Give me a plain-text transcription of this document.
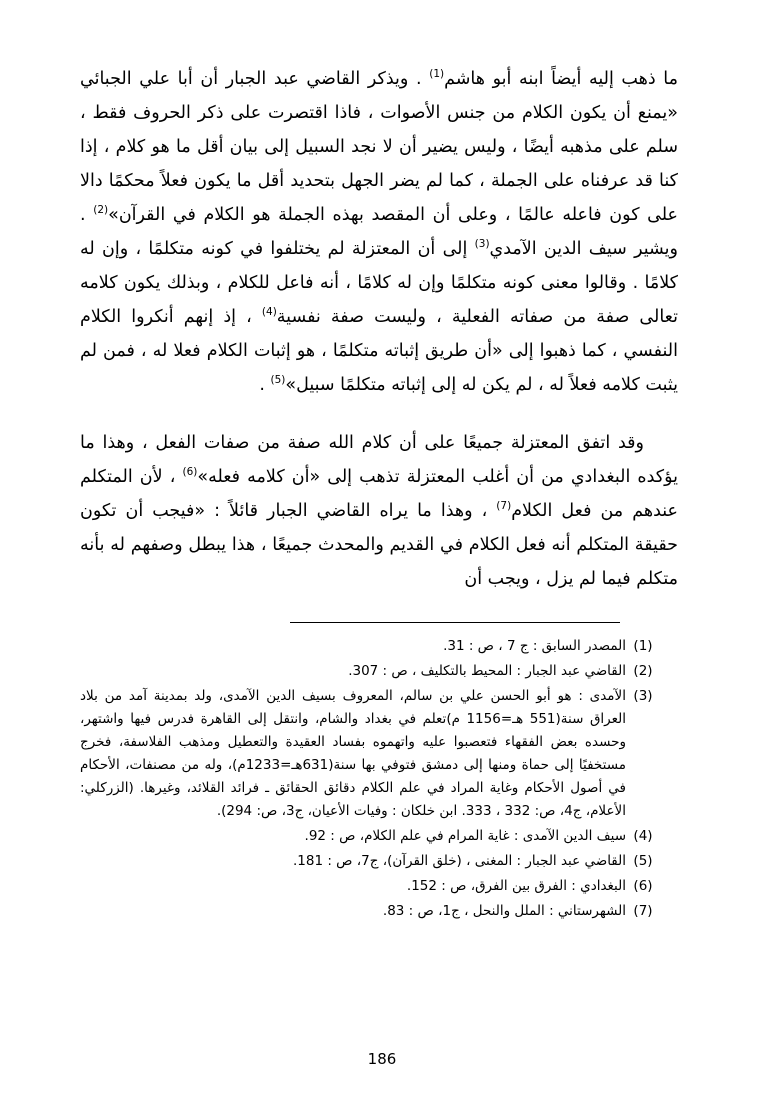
ما ذهب إليه أيضاً ابنه أبو هاشم$^{(1)}$ . ويذكر القاضي عبد الجبار أن أبا علي الجبائي «يمنع أن يكون الكلام من جنس الأصوات ، فاذا اقتصرت على ذكر الحروف فقط ، سلم على مذهبه أيضًا ، وليس يضير أن لا نجد السبيل إلى بيان أقل ما هو كلام ، إذا كنا قد عرفناه على الجملة ، كما لم يضر الجهل بتحديد أقل ما يكون فعلاً محكمًا دالا على كون فاعله عالمًا ، وعلى أن المقصد بهذه الجملة هو الكلام في القرآن»$^{(2)}$ . ويشير سيف الدين الآمدي$^{(3)}$ إلى أن المعتزلة لم يختلفوا في كونه متكلمًا ، وإن له كلامًا . وقالوا معنى كونه متكلمًا وإن له كلامًا ، أنه فاعل للكلام ، وبذلك يكون كلامه تعالى صفة من صفاته الفعلية ، وليست صفة نفسية$^{(4)}$ ، إذ إنهم أنكروا الكلام النفسي ، كما ذهبوا إلى «أن طريق إثباته متكلمًا ، هو إثبات الكلام فعلا له ، فمن لم يثبت كلامه فعلاً له ، لم يكن له إلى إثباته متكلمًا سبيل»$^{(5)}$ .

وقد اتفق المعتزلة جميعًا على أن كلام الله صفة من صفات الفعل ، وهذا ما يؤكده البغدادي من أن أغلب المعتزلة تذهب إلى «أن كلامه فعله»$^{(6)}$ ، لأن المتكلم عندهم من فعل الكلام$^{(7)}$ ، وهذا ما يراه القاضي الجبار قائلاً : «فيجب أن تكون حقيقة المتكلم أنه فعل الكلام في القديم والمحدث جميعًا ، هذا يبطل وصفهم له بأنه متكلم فيما لم يزل ، ويجب أن

(1)
المصدر السابق : ج 7 ، ص : 31.
(2)
القاضي عبد الجبار : المحيط بالتكليف ، ص : 307.
(3)
الآمدى : هو أبو الحسن علي بن سالم، المعروف بسيف الدين الآمدى، ولد بمدينة آمد من بلاد العراق سنة(551 هـ=1156 م)تعلم في بغداد والشام، وانتقل إلى القاهرة فدرس فيها واشتهر، وحسده بعض الفقهاء فتعصبوا عليه واتهموه بفساد العقيدة والتعطيل ومذهب الفلاسفة، فخرج مستخفيًا إلى حماة ومنها إلى دمشق فتوفي بها سنة(631هـ=1233م)، وله من مصنفات، الأحكام في أصول الأحكام وغاية المراد في علم الكلام دقائق الحقائق ـ فرائد القلائد، وغيرها. (الزركلي: الأعلام، ج4، ص: 332 ، 333. ابن خلكان : وفيات الأعيان، ج3، ص: 294).
(4)
سيف الدين الآمدى : غاية المرام في علم الكلام، ص : 92.
(5)
القاضي عبد الجبار : المغنى ، (خلق القرآن)، ج7، ص : 181.
(6)
البغدادي : الفرق بين الفرق، ص : 152.
(7)
الشهرستاني : الملل والنحل ، ج1، ص : 83.
186
